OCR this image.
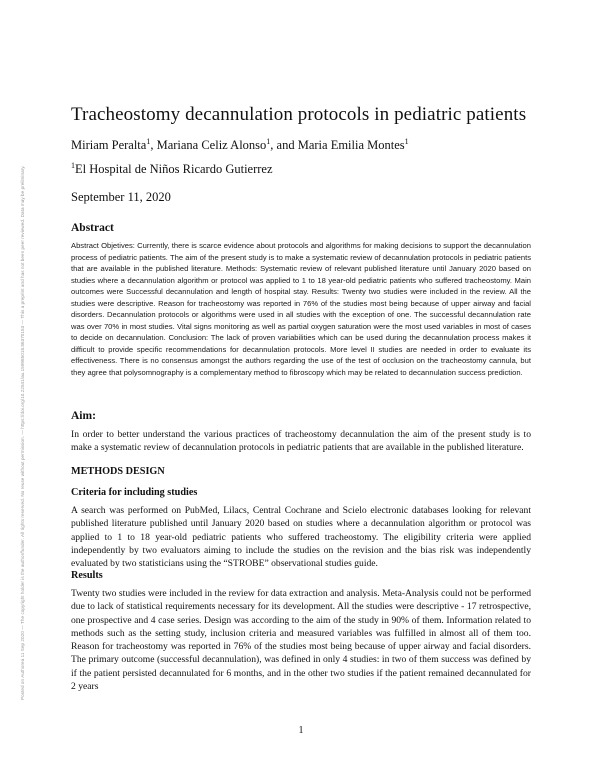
Posted on Authorea 11 Sep 2020 — The copyright holder is the author/funder. All rights reserved. No reuse without permission. — https://doi.org/10.22541/au.159985018.86370153 — This a preprint and has not been peer reviewed. Data may be preliminary.
Tracheostomy decannulation protocols in pediatric patients
Miriam Peralta$^1$, Mariana Celiz Alonso$^1$, and Maria Emilia Montes$^1$
$^1$El Hospital de Niños Ricardo Gutierrez
September 11, 2020
Abstract

Abstract Objetives: Currently, there is scarce evidence about protocols and algorithms for making decisions to support the decannulation process of pediatric patients. The aim of the present study is to make a systematic review of decannulation protocols in pediatric patients that are available in the published literature. Methods: Systematic review of relevant published literature until January 2020 based on studies where a decannulation algorithm or protocol was applied to 1 to 18 year-old pediatric patients who suffered tracheostomy. Main outcomes were Successful decannulation and length of hospital stay. Results: Twenty two studies were included in the review. All the studies were descriptive. Reason for tracheostomy was reported in 76% of the studies most being because of upper airway and facial disorders. Decannulation protocols or algorithms were used in all studies with the exception of one. The successful decannulation rate was over 70% in most studies. Vital signs monitoring as well as partial oxygen saturation were the most used variables in most of cases to decide on decannulation. Conclusion: The lack of proven variabilities which can be used during the decannulation process makes it difficult to provide specific recommendations for decannulation protocols. More level II studies are needed in order to evaluate its effectiveness. There is no consensus amongst the authors regarding the use of the test of occlusion on the tracheostomy cannula, but they agree that polysomnography is a complementary method to fibroscopy which may be related to decannulation success prediction.

Aim:

In order to better understand the various practices of tracheostomy decannulation the aim of the present study is to make a systematic review of decannulation protocols in pediatric patients that are available in the published literature.

METHODS DESIGN
Criteria for including studies

A search was performed on PubMed, Lilacs, Central Cochrane and Scielo electronic databases looking for relevant published literature published until January 2020 based on studies where a decannulation algorithm or protocol was applied to 1 to 18 year-old pediatric patients who suffered tracheostomy. The eligibility criteria were applied independently by two evaluators aiming to include the studies on the revision and the bias risk was independently evaluated by two statisticians using the “STROBE” observational studies guide.

Results

Twenty two studies were included in the review for data extraction and analysis. Meta-Analysis could not be performed due to lack of statistical requirements necessary for its development. All the studies were descriptive - 17 retrospective, one prospective and 4 case series. Design was according to the aim of the study in 90% of them. Information related to methods such as the setting study, inclusion criteria and measured variables was fulfilled in almost all of them too. Reason for tracheostomy was reported in 76% of the studies most being because of upper airway and facial disorders. The primary outcome (successful decannulation), was defined in only 4 studies: in two of them success was defined by if the patient persisted decannulated for 6 months, and in the other two studies if the patient remained decannulated for 2 years

1
